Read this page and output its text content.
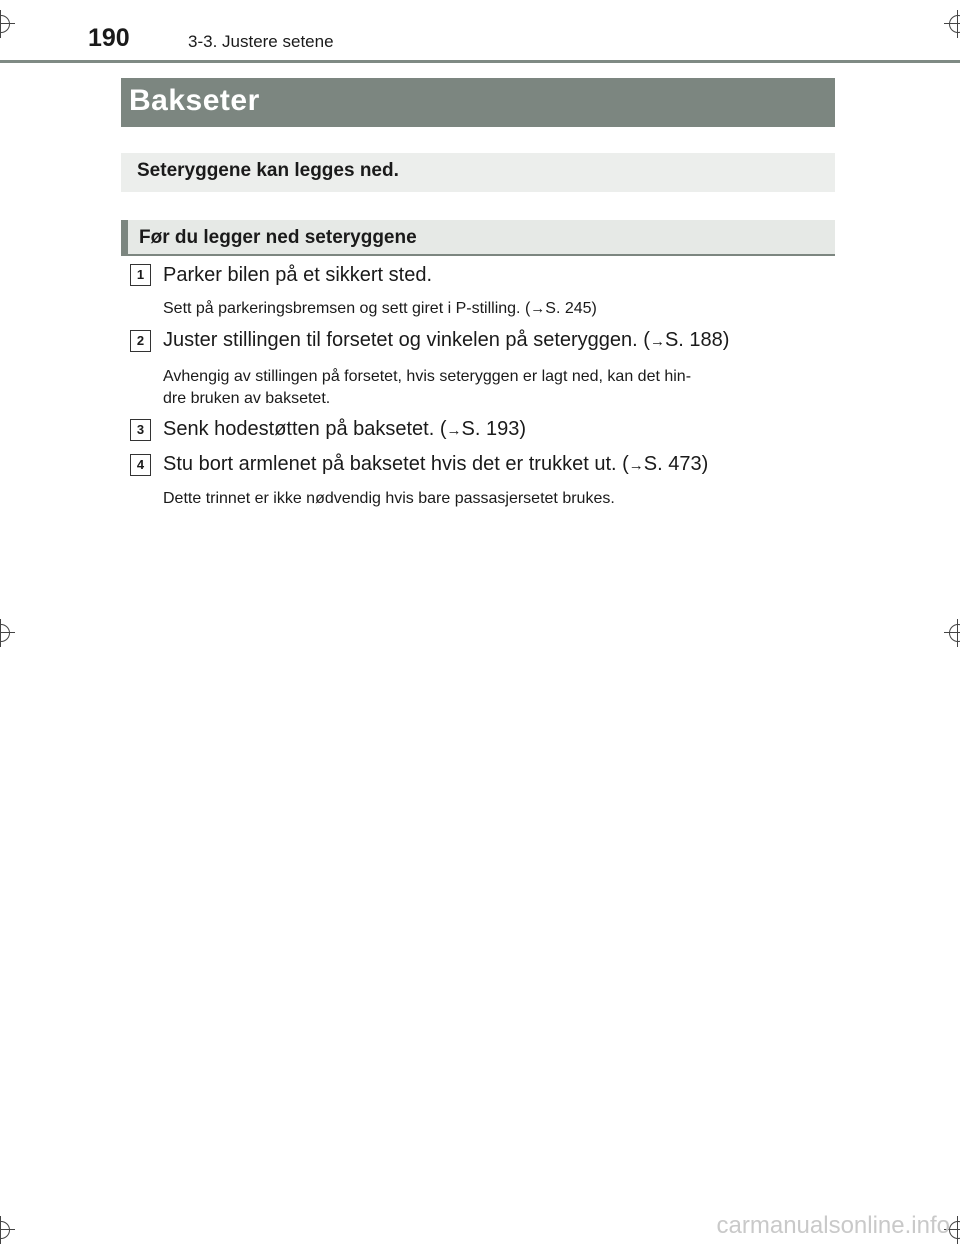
190	3-3. Justere setene
Bakseter
Seteryggene kan legges ned.
Før du legger ned seteryggene
1 Parker bilen på et sikkert sted.
Sett på parkeringsbremsen og sett giret i P-stilling. (→S. 245)
2 Juster stillingen til forsetet og vinkelen på seteryggen. (→S. 188)
Avhengig av stillingen på forsetet, hvis seteryggen er lagt ned, kan det hin-
dre bruken av baksetet.
3 Senk hodestøtten på baksetet. (→S. 193)
4 Stu bort armlenet på baksetet hvis det er trukket ut. (→S. 473)
Dette trinnet er ikke nødvendig hvis bare passasjersetet brukes.
carmanualsonline.info
